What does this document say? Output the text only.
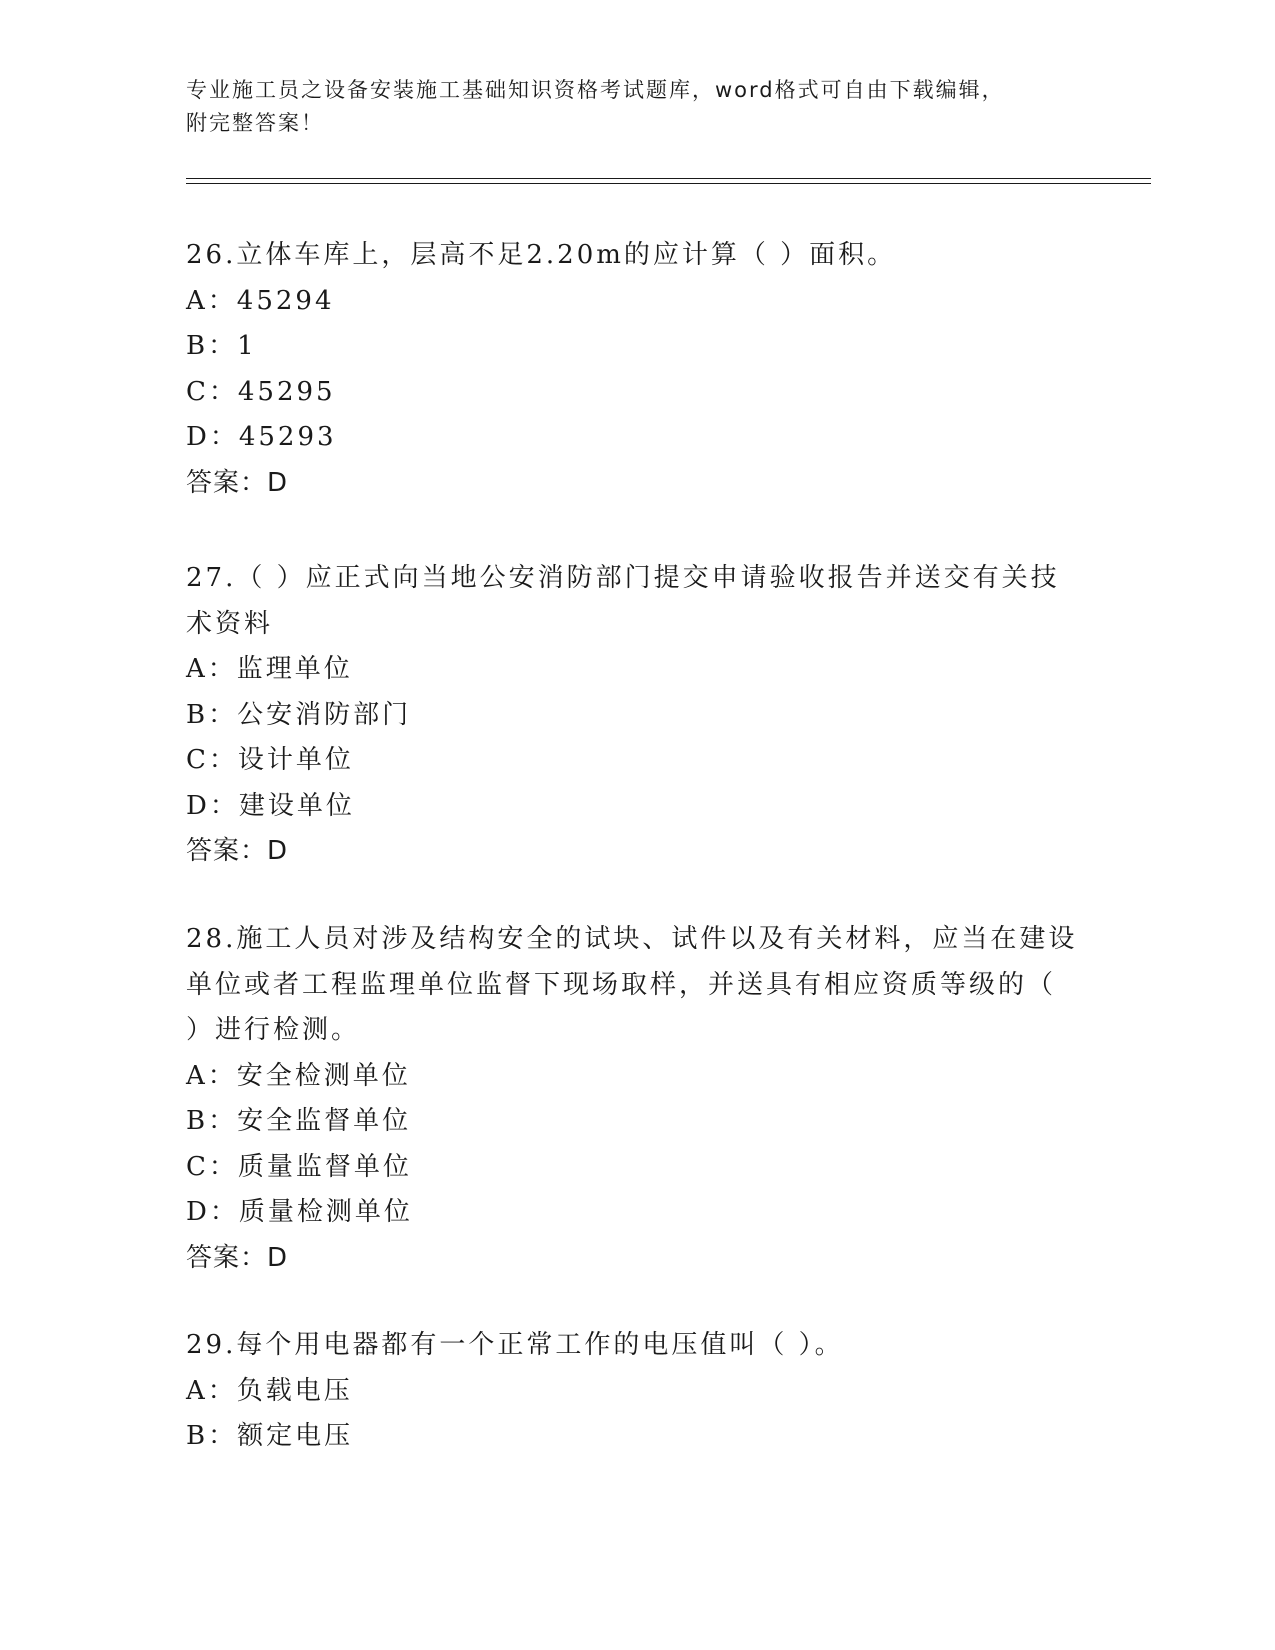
专业施工员之设备安装施工基础知识资格考试题库，word格式可自由下载编辑，
附完整答案！
26.立体车库上，层高不足2.20m的应计算（ ）面积。
A：45294
B：1
C：45295
D：45293
答案：D
27.（ ）应正式向当地公安消防部门提交申请验收报告并送交有关技
术资料
A：监理单位
B：公安消防部门
C：设计单位
D：建设单位
答案：D
28.施工人员对涉及结构安全的试块、试件以及有关材料，应当在建设
单位或者工程监理单位监督下现场取样，并送具有相应资质等级的（
）进行检测。
A：安全检测单位
B：安全监督单位
C：质量监督单位
D：质量检测单位
答案：D
29.每个用电器都有一个正常工作的电压值叫（ ）。
A：负载电压
B：额定电压
